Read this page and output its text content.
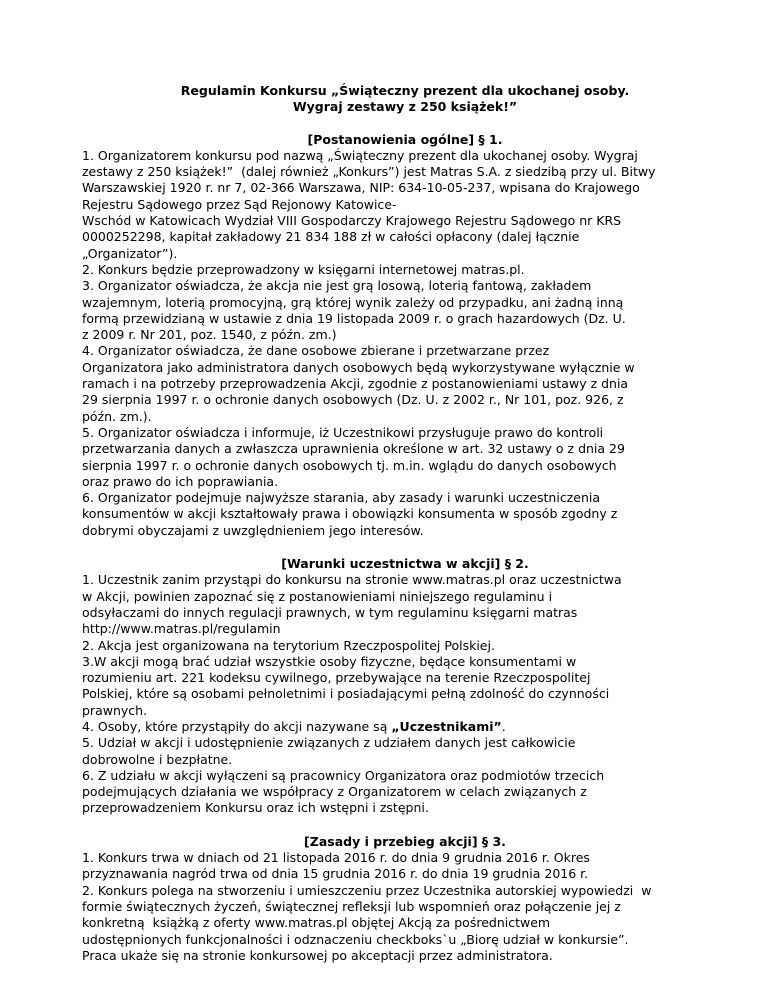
Regulamin Konkursu „Świąteczny prezent dla ukochanej osoby.
Wygraj zestawy z 250 książek!”
[Postanowienia ogólne] § 1.
1. Organizatorem konkursu pod nazwą „Świąteczny prezent dla ukochanej osoby. Wygraj
zestawy z 250 książek!”  (dalej również „Konkurs”) jest Matras S.A. z siedzibą przy ul. Bitwy
Warszawskiej 1920 r. nr 7, 02-366 Warszawa, NIP: 634-10-05-237, wpisana do Krajowego
Rejestru Sądowego przez Sąd Rejonowy Katowice-
Wschód w Katowicach Wydział VIII Gospodarczy Krajowego Rejestru Sądowego nr KRS
0000252298, kapitał zakładowy 21 834 188 zł w całości opłacony (dalej łącznie
„Organizator”).
2. Konkurs będzie przeprowadzony w księgarni internetowej matras.pl.
3. Organizator oświadcza, że akcja nie jest grą losową, loterią fantową, zakładem
wzajemnym, loterią promocyjną, grą której wynik zależy od przypadku, ani żadną inną
formą przewidzianą w ustawie z dnia 19 listopada 2009 r. o grach hazardowych (Dz. U.
z 2009 r. Nr 201, poz. 1540, z późn. zm.)
4. Organizator oświadcza, że dane osobowe zbierane i przetwarzane przez
Organizatora jako administratora danych osobowych będą wykorzystywane wyłącznie w
ramach i na potrzeby przeprowadzenia Akcji, zgodnie z postanowieniami ustawy z dnia
29 sierpnia 1997 r. o ochronie danych osobowych (Dz. U. z 2002 r., Nr 101, poz. 926, z
późn. zm.).
5. Organizator oświadcza i informuje, iż Uczestnikowi przysługuje prawo do kontroli
przetwarzania danych a zwłaszcza uprawnienia określone w art. 32 ustawy o z dnia 29
sierpnia 1997 r. o ochronie danych osobowych tj. m.in. wglądu do danych osobowych
oraz prawo do ich poprawiania.
6. Organizator podejmuje najwyższe starania, aby zasady i warunki uczestniczenia
konsumentów w akcji kształtowały prawa i obowiązki konsumenta w sposób zgodny z
dobrymi obyczajami z uwzględnieniem jego interesów.
[Warunki uczestnictwa w akcji] § 2.
1. Uczestnik zanim przystąpi do konkursu na stronie www.matras.pl oraz uczestnictwa
w Akcji, powinien zapoznać się z postanowieniami niniejszego regulaminu i
odsyłaczami do innych regulacji prawnych, w tym regulaminu księgarni matras
http://www.matras.pl/regulamin
2. Akcja jest organizowana na terytorium Rzeczpospolitej Polskiej.
3.W akcji mogą brać udział wszystkie osoby fizyczne, będące konsumentami w
rozumieniu art. 221 kodeksu cywilnego, przebywające na terenie Rzeczpospolitej
Polskiej, które są osobami pełnoletnimi i posiadającymi pełną zdolność do czynności
prawnych.
4. Osoby, które przystąpiły do akcji nazywane są „Uczestnikami”.
5. Udział w akcji i udostępnienie związanych z udziałem danych jest całkowicie
dobrowolne i bezpłatne.
6. Z udziału w akcji wyłączeni są pracownicy Organizatora oraz podmiotów trzecich
podejmujących działania we współpracy z Organizatorem w celach związanych z
przeprowadzeniem Konkursu oraz ich wstępni i zstępni.
[Zasady i przebieg akcji] § 3.
1. Konkurs trwa w dniach od 21 listopada 2016 r. do dnia 9 grudnia 2016 r. Okres
przyznawania nagród trwa od dnia 15 grudnia 2016 r. do dnia 19 grudnia 2016 r.
2. Konkurs polega na stworzeniu i umieszczeniu przez Uczestnika autorskiej wypowiedzi  w
formie świątecznych życzeń, świątecznej refleksji lub wspomnień oraz połączenie jej z
konkretną  książką z oferty www.matras.pl objętej Akcją za pośrednictwem
udostępnionych funkcjonalności i odznaczeniu checkboks`u „Biorę udział w konkursie”.
Praca ukaże się na stronie konkursowej po akceptacji przez administratora.
